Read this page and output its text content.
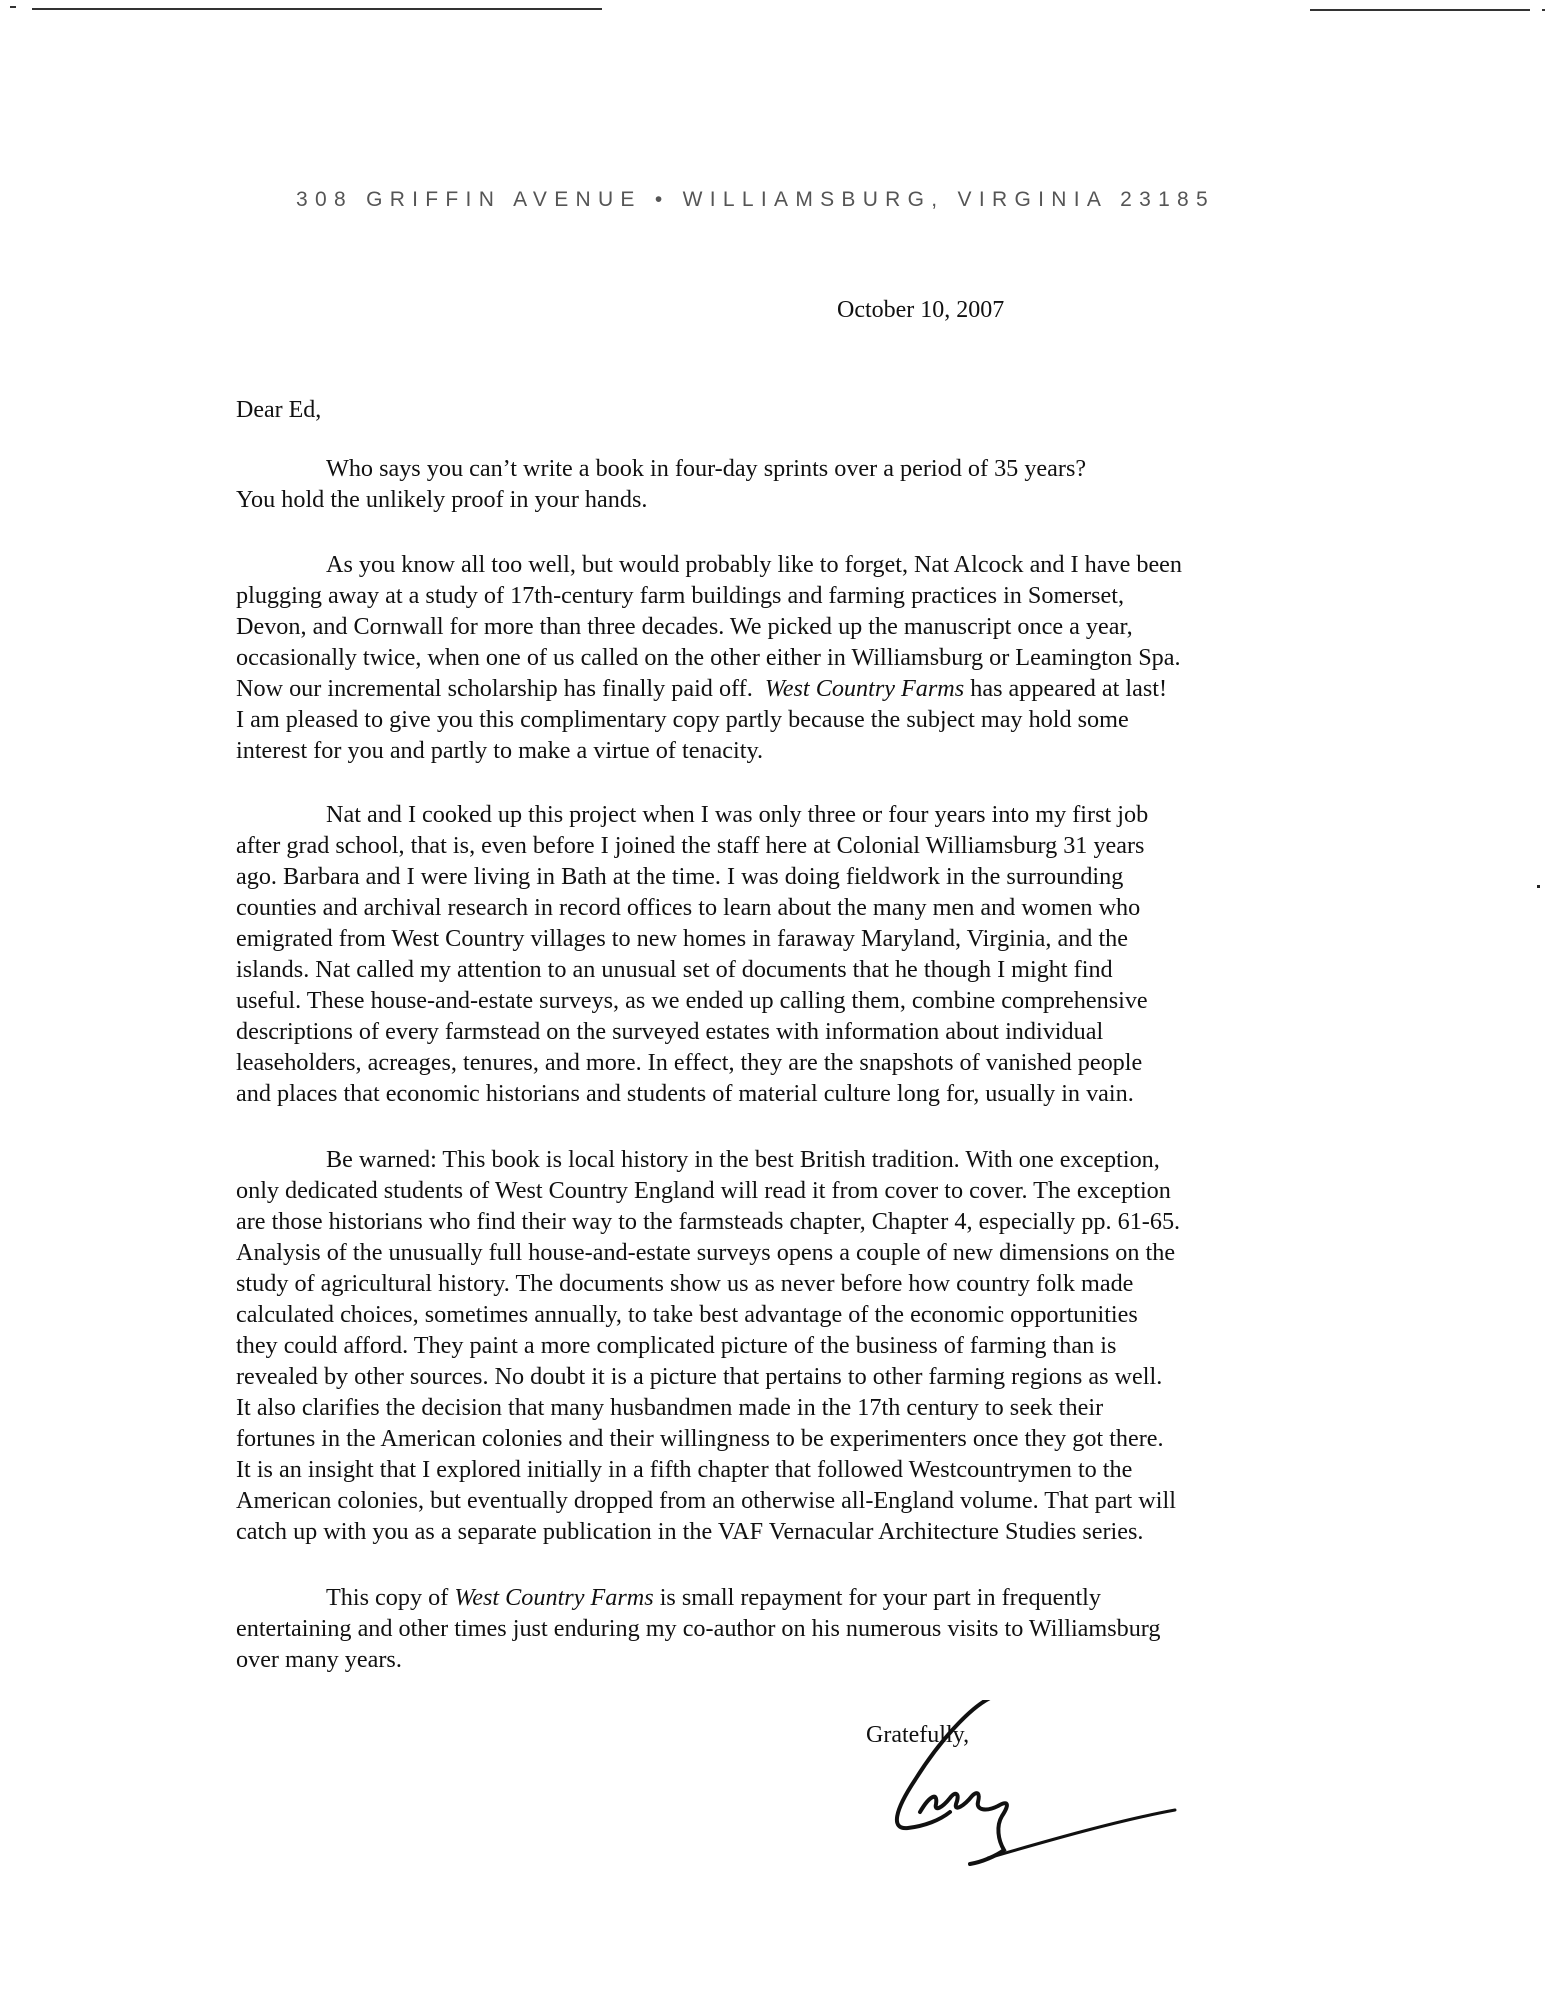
308 GRIFFIN AVENUE • WILLIAMSBURG, VIRGINIA 23185
October 10, 2007
Dear Ed,
Who says you can’t write a book in four-day sprints over a period of 35 years?
You hold the unlikely proof in your hands.
As you know all too well, but would probably like to forget, Nat Alcock and I have been
plugging away at a study of 17th-century farm buildings and farming practices in Somerset,
Devon, and Cornwall for more than three decades. We picked up the manuscript once a year,
occasionally twice, when one of us called on the other either in Williamsburg or Leamington Spa.
Now our incremental scholarship has finally paid off.  West Country Farms has appeared at last!
I am pleased to give you this complimentary copy partly because the subject may hold some
interest for you and partly to make a virtue of tenacity.
Nat and I cooked up this project when I was only three or four years into my first job
after grad school, that is, even before I joined the staff here at Colonial Williamsburg 31 years
ago. Barbara and I were living in Bath at the time. I was doing fieldwork in the surrounding
counties and archival research in record offices to learn about the many men and women who
emigrated from West Country villages to new homes in faraway Maryland, Virginia, and the
islands. Nat called my attention to an unusual set of documents that he though I might find
useful. These house-and-estate surveys, as we ended up calling them, combine comprehensive
descriptions of every farmstead on the surveyed estates with information about individual
leaseholders, acreages, tenures, and more. In effect, they are the snapshots of vanished people
and places that economic historians and students of material culture long for, usually in vain.
Be warned: This book is local history in the best British tradition. With one exception,
only dedicated students of West Country England will read it from cover to cover. The exception
are those historians who find their way to the farmsteads chapter, Chapter 4, especially pp. 61-65.
Analysis of the unusually full house-and-estate surveys opens a couple of new dimensions on the
study of agricultural history. The documents show us as never before how country folk made
calculated choices, sometimes annually, to take best advantage of the economic opportunities
they could afford. They paint a more complicated picture of the business of farming than is
revealed by other sources. No doubt it is a picture that pertains to other farming regions as well.
It also clarifies the decision that many husbandmen made in the 17th century to seek their
fortunes in the American colonies and their willingness to be experimenters once they got there.
It is an insight that I explored initially in a fifth chapter that followed Westcountrymen to the
American colonies, but eventually dropped from an otherwise all-England volume. That part will
catch up with you as a separate publication in the VAF Vernacular Architecture Studies series.
This copy of West Country Farms is small repayment for your part in frequently
entertaining and other times just enduring my co-author on his numerous visits to Williamsburg
over many years.
Gratefully,
